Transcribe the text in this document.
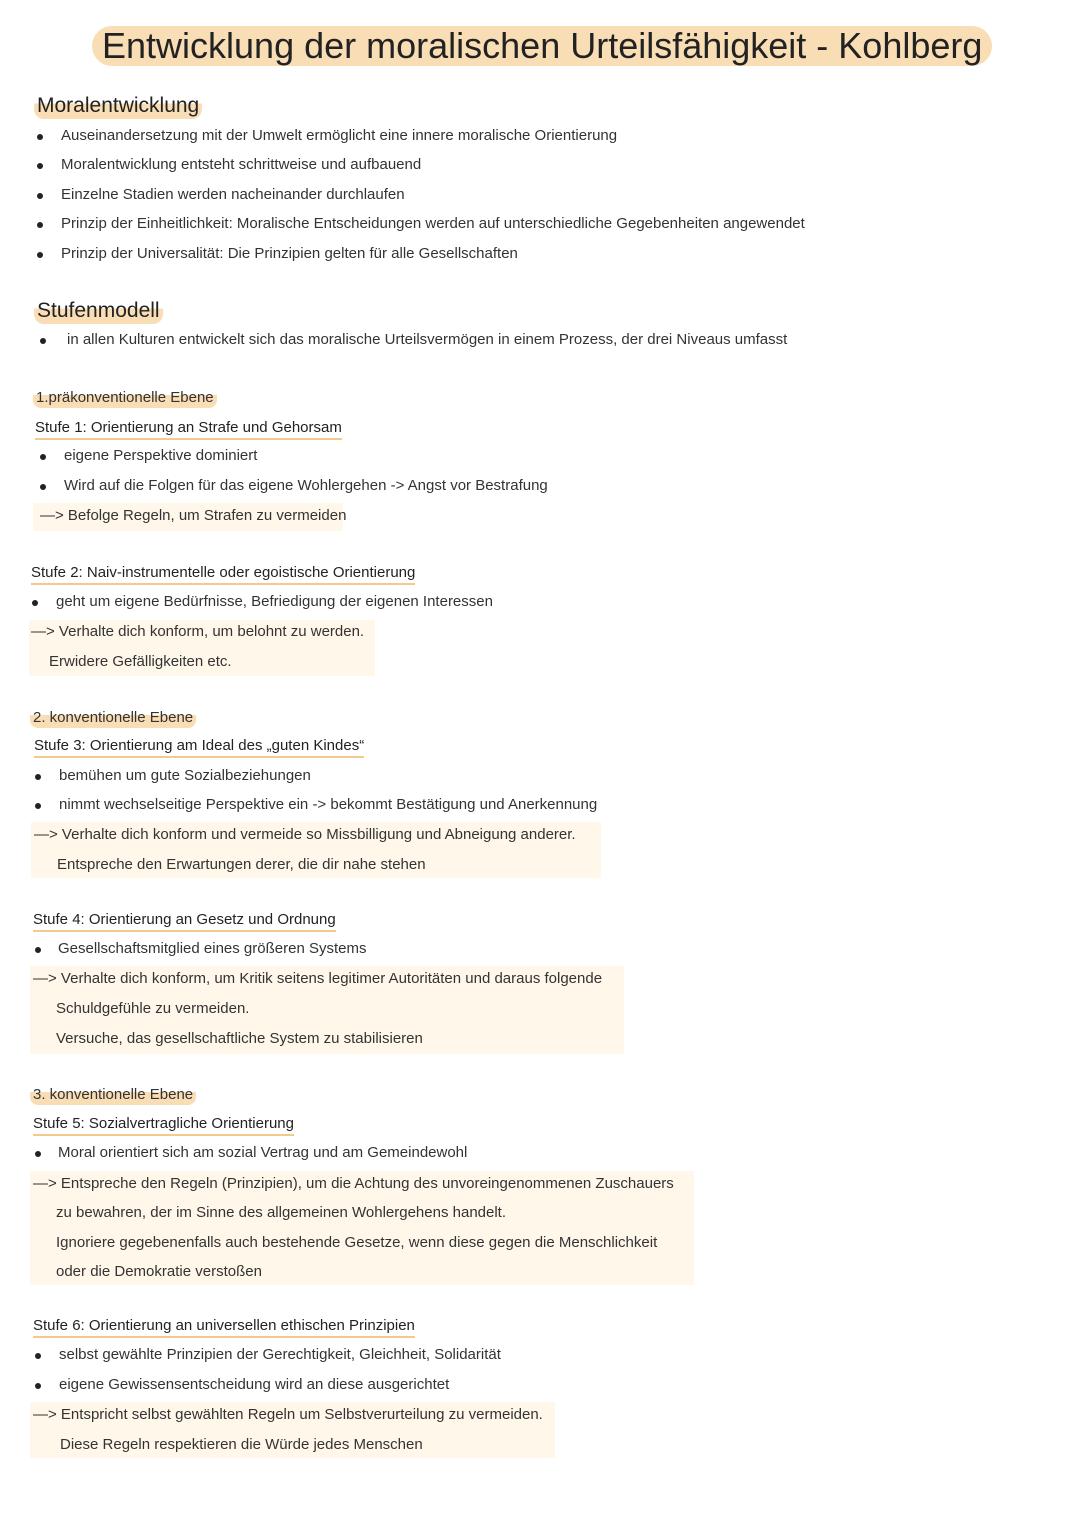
Entwicklung der moralischen Urteilsfähigkeit - Kohlberg
Moralentwicklung
Auseinandersetzung mit der Umwelt ermöglicht eine innere moralische Orientierung
Moralentwicklung entsteht schrittweise und aufbauend
Einzelne Stadien werden nacheinander durchlaufen
Prinzip der Einheitlichkeit: Moralische Entscheidungen werden auf unterschiedliche Gegebenheiten angewendet
Prinzip der Universalität: Die Prinzipien gelten für alle Gesellschaften
Stufenmodell
in allen Kulturen entwickelt sich das moralische Urteilsvermögen in einem Prozess, der drei Niveaus umfasst
1.präkonventionelle Ebene
Stufe 1: Orientierung an Strafe und Gehorsam
eigene Perspektive dominiert
Wird auf die Folgen für das eigene Wohlergehen -> Angst vor Bestrafung
—> Befolge Regeln, um Strafen zu vermeiden
Stufe 2: Naiv-instrumentelle oder egoistische Orientierung
geht um eigene Bedürfnisse, Befriedigung der eigenen Interessen
—> Verhalte dich konform, um belohnt zu werden.
Erwidere Gefälligkeiten etc.
2. konventionelle Ebene
Stufe 3: Orientierung am Ideal des „guten Kindes“
bemühen um gute Sozialbeziehungen
nimmt wechselseitige Perspektive ein -> bekommt Bestätigung und Anerkennung
—> Verhalte dich konform und vermeide so Missbilligung und Abneigung anderer.
Entspreche den Erwartungen derer, die dir nahe stehen
Stufe 4: Orientierung an Gesetz und Ordnung
Gesellschaftsmitglied eines größeren Systems
—> Verhalte dich konform, um Kritik seitens legitimer Autoritäten und daraus folgende
Schuldgefühle zu vermeiden.
Versuche, das gesellschaftliche System zu stabilisieren
3. konventionelle Ebene
Stufe 5: Sozialvertragliche Orientierung
Moral orientiert sich am sozial Vertrag und am Gemeindewohl
—> Entspreche den Regeln (Prinzipien), um die Achtung des unvoreingenommenen Zuschauers
zu bewahren, der im Sinne des allgemeinen Wohlergehens handelt.
Ignoriere gegebenenfalls auch bestehende Gesetze, wenn diese gegen die Menschlichkeit
oder die Demokratie verstoßen
Stufe 6: Orientierung an universellen ethischen Prinzipien
selbst gewählte Prinzipien der Gerechtigkeit, Gleichheit, Solidarität
eigene Gewissensentscheidung wird an diese ausgerichtet
—> Entspricht selbst gewählten Regeln um Selbstverurteilung zu vermeiden.
Diese Regeln respektieren die Würde jedes Menschen
